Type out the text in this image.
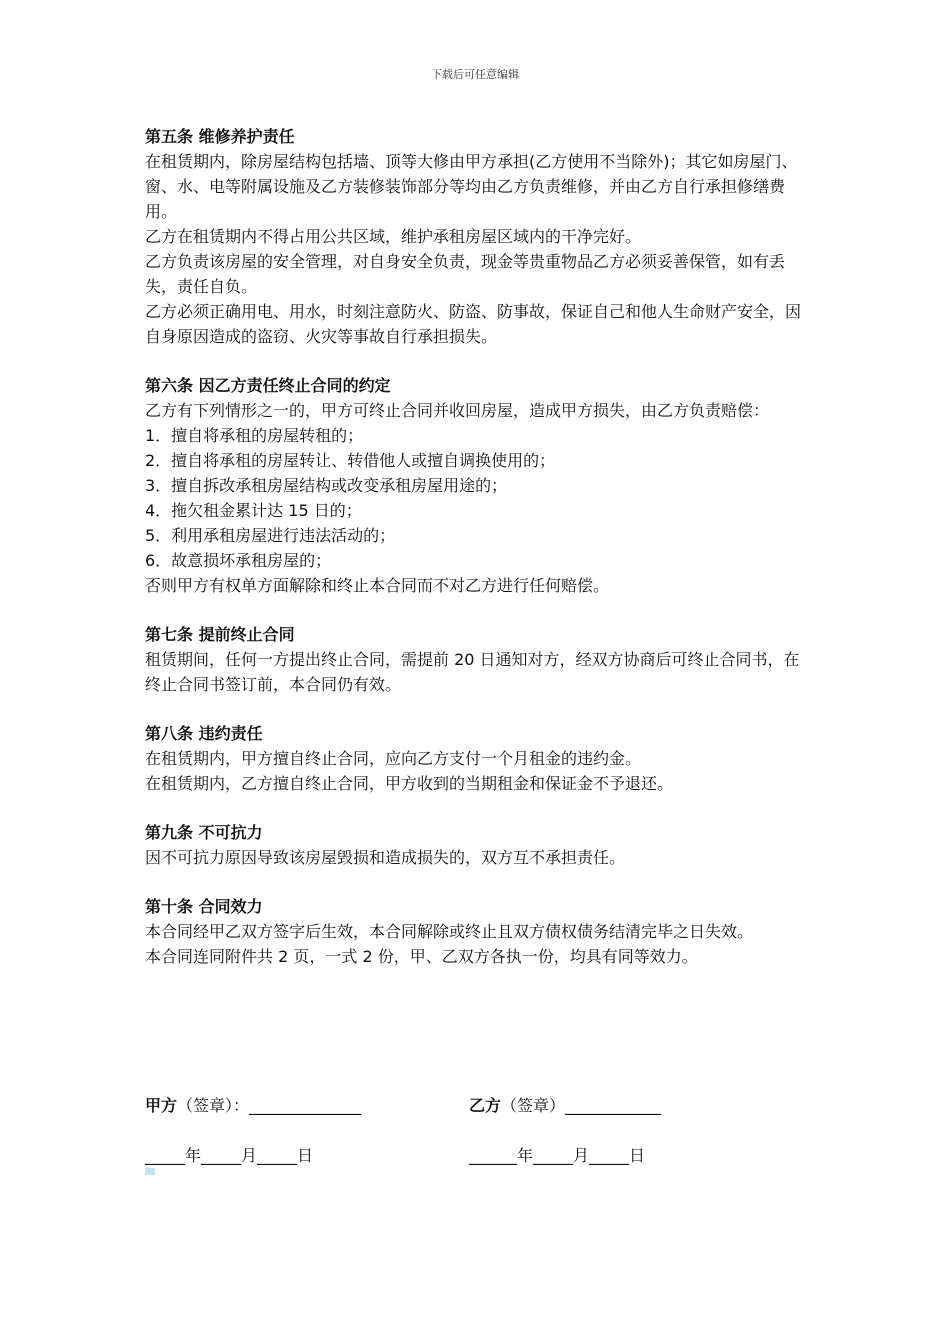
下载后可任意编辑

第五条 维修养护责任

在租赁期内，除房屋结构包括墙、顶等大修由甲方承担(乙方使用不当除外)；其它如房屋门、窗、水、电等附属设施及乙方装修装饰部分等均由乙方负责维修，并由乙方自行承担修缮费用。

乙方在租赁期内不得占用公共区域，维护承租房屋区域内的干净完好。

乙方负责该房屋的安全管理，对自身安全负责，现金等贵重物品乙方必须妥善保管，如有丢失，责任自负。

乙方必须正确用电、用水，时刻注意防火、防盗、防事故，保证自己和他人生命财产安全，因自身原因造成的盗窃、火灾等事故自行承担损失。

第六条 因乙方责任终止合同的约定

乙方有下列情形之一的，甲方可终止合同并收回房屋，造成甲方损失，由乙方负责赔偿：

1．擅自将承租的房屋转租的；
2．擅自将承租的房屋转让、转借他人或擅自调换使用的；
3．擅自拆改承租房屋结构或改变承租房屋用途的；
4．拖欠租金累计达 15 日的；
5．利用承租房屋进行违法活动的；
6．故意损坏承租房屋的；

否则甲方有权单方面解除和终止本合同而不对乙方进行任何赔偿。

第七条 提前终止合同

租赁期间，任何一方提出终止合同，需提前 20 日通知对方，经双方协商后可终止合同书，在终止合同书签订前，本合同仍有效。

第八条 违约责任

在租赁期内，甲方擅自终止合同，应向乙方支付一个月租金的违约金。

在租赁期内，乙方擅自终止合同，甲方收到的当期租金和保证金不予退还。

第九条 不可抗力

因不可抗力原因导致该房屋毁损和造成损失的，双方互不承担责任。

第十条 合同效力

本合同经甲乙双方签字后生效，本合同解除或终止且双方债权债务结清完毕之日失效。

本合同连同附件共 2 页，一式 2 份，甲、乙双方各执一份，均具有同等效力。

甲方（签章）：______________	乙方（签章）____________
_____年_____月_____日	______年_____月_____日
